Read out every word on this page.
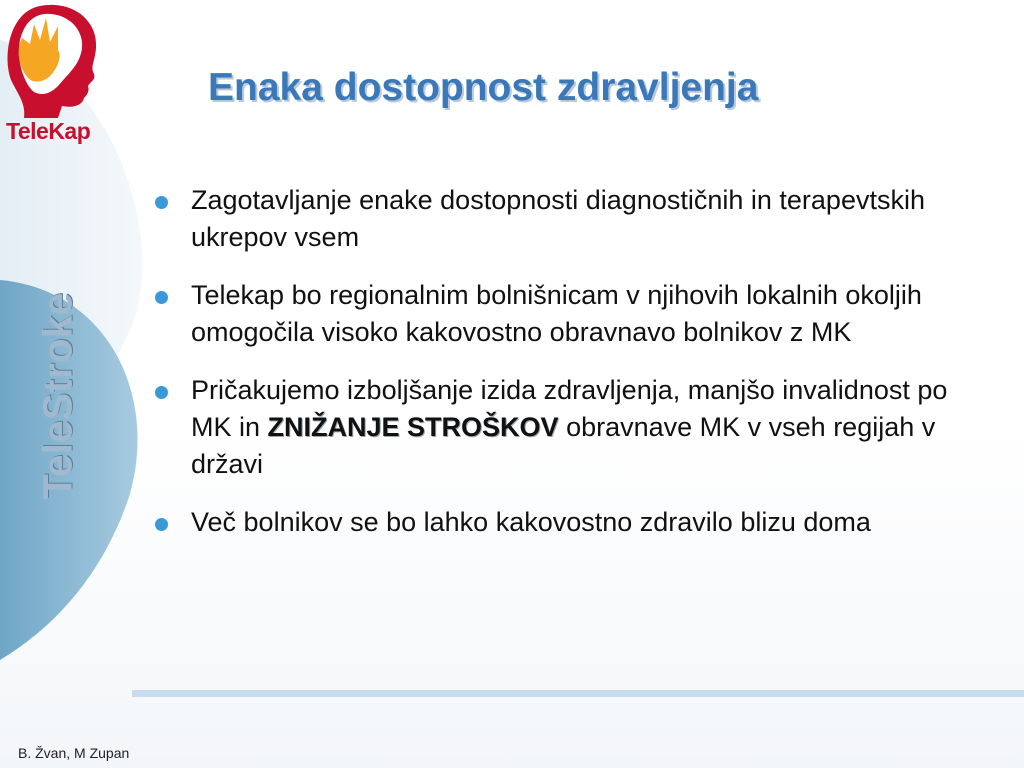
TeleKap
TeleStroke
Enaka dostopnost zdravljenja
Zagotavljanje enake dostopnosti diagnostičnih in terapevtskih ukrepov vsem
Telekap bo regionalnim bolnišnicam v njihovih lokalnih okoljih omogočila visoko kakovostno obravnavo bolnikov z MK
Pričakujemo izboljšanje izida zdravljenja, manjšo invalidnost po MK in ZNIŽANJE STROŠKOV obravnave MK v vseh regijah v državi
Več bolnikov se bo lahko kakovostno zdravilo blizu doma
B. Žvan, M Zupan
